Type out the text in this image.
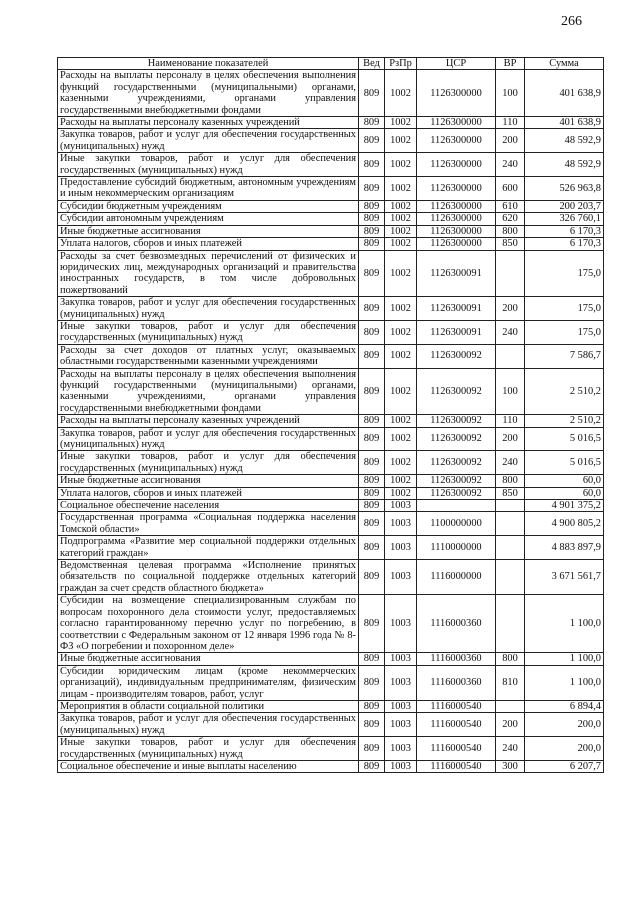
266
Наименование показателей	Вед	РзПр	ЦСР	ВР	Сумма
Расходы на выплаты персоналу в целях обеспечения выполнения функций государственными (муниципальными) органами, казенными учреждениями, органами управления государственными внебюджетными фондами	809	1002	1126300000	100	401 638,9
Расходы на выплаты персоналу казенных учреждений	809	1002	1126300000	110	401 638,9
Закупка товаров, работ и услуг для обеспечения государственных (муниципальных) нужд	809	1002	1126300000	200	48 592,9
Иные закупки товаров, работ и услуг для обеспечения государственных (муниципальных) нужд	809	1002	1126300000	240	48 592,9
Предоставление субсидий бюджетным, автономным учреждениям и иным некоммерческим организациям	809	1002	1126300000	600	526 963,8
Субсидии бюджетным учреждениям	809	1002	1126300000	610	200 203,7
Субсидии автономным учреждениям	809	1002	1126300000	620	326 760,1
Иные бюджетные ассигнования	809	1002	1126300000	800	6 170,3
Уплата налогов, сборов и иных платежей	809	1002	1126300000	850	6 170,3
Расходы за счет безвозмездных перечислений от физических и юридических лиц, международных организаций и правительства иностранных государств, в том числе добровольных пожертвований	809	1002	1126300091		175,0
Закупка товаров, работ и услуг для обеспечения государственных (муниципальных) нужд	809	1002	1126300091	200	175,0
Иные закупки товаров, работ и услуг для обеспечения государственных (муниципальных) нужд	809	1002	1126300091	240	175,0
Расходы за счет доходов от платных услуг, оказываемых областными государственными казенными учреждениями	809	1002	1126300092		7 586,7
Расходы на выплаты персоналу в целях обеспечения выполнения функций государственными (муниципальными) органами, казенными учреждениями, органами управления государственными внебюджетными фондами	809	1002	1126300092	100	2 510,2
Расходы на выплаты персоналу казенных учреждений	809	1002	1126300092	110	2 510,2
Закупка товаров, работ и услуг для обеспечения государственных (муниципальных) нужд	809	1002	1126300092	200	5 016,5
Иные закупки товаров, работ и услуг для обеспечения государственных (муниципальных) нужд	809	1002	1126300092	240	5 016,5
Иные бюджетные ассигнования	809	1002	1126300092	800	60,0
Уплата налогов, сборов и иных платежей	809	1002	1126300092	850	60,0
Социальное обеспечение населения	809	1003			4 901 375,2
Государственная программа «Социальная поддержка населения Томской области»	809	1003	1100000000		4 900 805,2
Подпрограмма «Развитие мер социальной поддержки отдельных категорий граждан»	809	1003	1110000000		4 883 897,9
Ведомственная целевая программа «Исполнение принятых обязательств по социальной поддержке отдельных категорий граждан за счет средств областного бюджета»	809	1003	1116000000		3 671 561,7
Субсидии на возмещение специализированным службам по вопросам похоронного дела стоимости услуг, предоставляемых согласно гарантированному перечню услуг по погребению, в соответствии с Федеральным законом от 12 января 1996 года № 8-ФЗ «О погребении и похоронном деле»	809	1003	1116000360		1 100,0
Иные бюджетные ассигнования	809	1003	1116000360	800	1 100,0
Субсидии юридическим лицам (кроме некоммерческих организаций), индивидуальным предпринимателям, физическим лицам - производителям товаров, работ, услуг	809	1003	1116000360	810	1 100,0
Мероприятия в области социальной политики	809	1003	1116000540		6 894,4
Закупка товаров, работ и услуг для обеспечения государственных (муниципальных) нужд	809	1003	1116000540	200	200,0
Иные закупки товаров, работ и услуг для обеспечения государственных (муниципальных) нужд	809	1003	1116000540	240	200,0
Социальное обеспечение и иные выплаты населению	809	1003	1116000540	300	6 207,7
